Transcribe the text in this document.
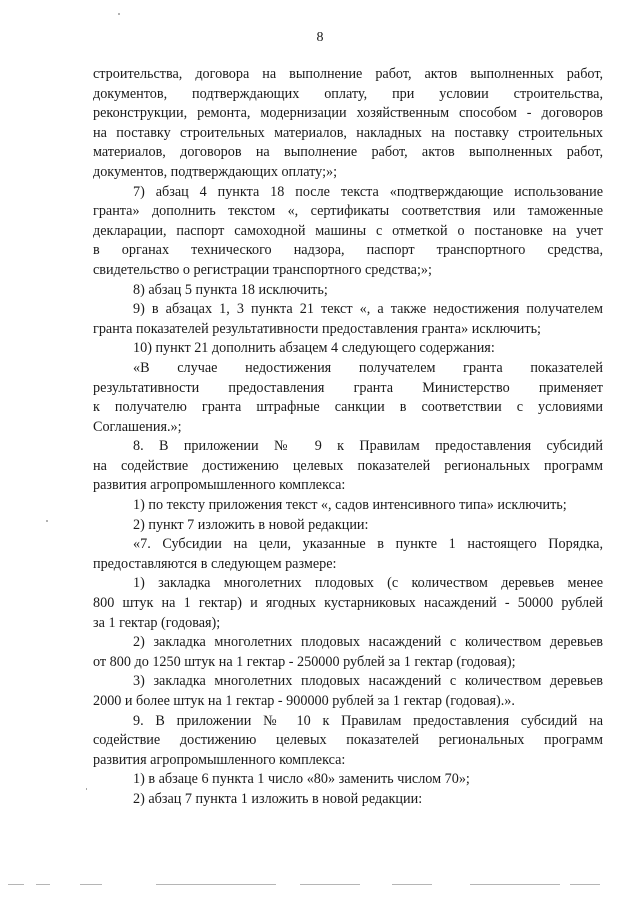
8
строительства, договора на выполнение работ, актов выполненных работ,
документов, подтверждающих оплату, при условии строительства,
реконструкции, ремонта, модернизации хозяйственным способом - договоров
на поставку строительных материалов, накладных на поставку строительных
материалов, договоров на выполнение работ, актов выполненных работ,
документов, подтверждающих оплату;»;
7) абзац 4 пункта 18 после текста «подтверждающие использование
гранта» дополнить текстом «, сертификаты соответствия или таможенные
декларации, паспорт самоходной машины с отметкой о постановке на учет
в органах технического надзора, паспорт транспортного средства,
свидетельство о регистрации транспортного средства;»;
8) абзац 5 пункта 18 исключить;
9) в абзацах 1, 3 пункта 21 текст «, а также недостижения получателем
гранта показателей результативности предоставления гранта» исключить;
10) пункт 21 дополнить абзацем 4 следующего содержания:
«В случае недостижения получателем гранта показателей
результативности предоставления гранта Министерство применяет
к получателю гранта штрафные санкции в соответствии с условиями
Соглашения.»;
8. В приложении № 9 к Правилам предоставления субсидий
на содействие достижению целевых показателей региональных программ
развития агропромышленного комплекса:
1) по тексту приложения текст «, садов интенсивного типа» исключить;
2) пункт 7 изложить в новой редакции:
«7. Субсидии на цели, указанные в пункте 1 настоящего Порядка,
предоставляются в следующем размере:
1) закладка многолетних плодовых (с количеством деревьев менее
800 штук на 1 гектар) и ягодных кустарниковых насаждений - 50000 рублей
за 1 гектар (годовая);
2) закладка многолетних плодовых насаждений с количеством деревьев
от 800 до 1250 штук на 1 гектар - 250000 рублей за 1 гектар (годовая);
3) закладка многолетних плодовых насаждений с количеством деревьев
2000 и более штук на 1 гектар - 900000 рублей за 1 гектар (годовая).».
9. В приложении № 10 к Правилам предоставления субсидий на
содействие достижению целевых показателей региональных программ
развития агропромышленного комплекса:
1) в абзаце 6 пункта 1 число «80» заменить числом 70»;
2) абзац 7 пункта 1 изложить в новой редакции:
